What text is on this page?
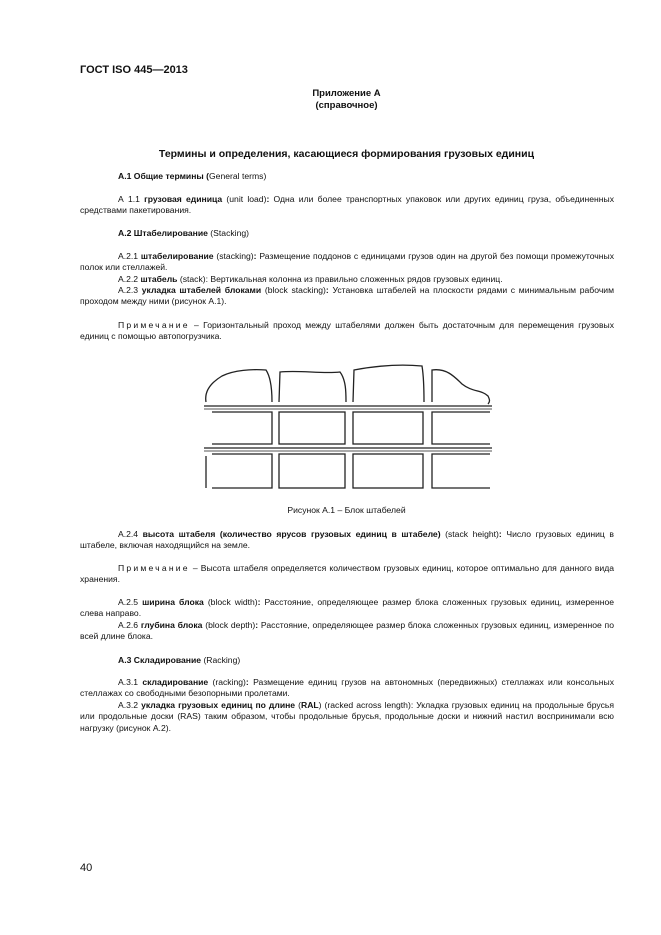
ГОСТ ISO 445—2013
Приложение А
(справочное)
Термины и определения, касающиеся формирования грузовых единиц
А.1 Общие термины (General terms)
А 1.1 грузовая единица (unit load): Одна или более транспортных упаковок или других единиц груза, объединенных средствами пакетирования.
А.2 Штабелирование (Stacking)
А.2.1 штабелирование (stacking): Размещение поддонов с единицами грузов один на другой без помощи промежуточных полок или стеллажей.
А.2.2 штабель (stack): Вертикальная колонна из правильно сложенных рядов грузовых единиц.
А.2.3 укладка штабелей блоками (block stacking): Установка штабелей на плоскости рядами с минимальным рабочим проходом между ними (рисунок А.1).
Примечание – Горизонтальный проход между штабелями должен быть достаточным для перемещения грузовых единиц с помощью автопогрузчика.
Рисунок А.1 – Блок штабелей
А.2.4 высота штабеля (количество ярусов грузовых единиц в штабеле) (stack height): Число грузовых единиц в штабеле, включая находящийся на земле.
Примечание – Высота штабеля определяется количеством грузовых единиц, которое оптимально для данного вида хранения.
А.2.5 ширина блока (block width): Расстояние, определяющее размер блока сложенных грузовых единиц, измеренное слева направо.
А.2.6 глубина блока (block depth): Расстояние, определяющее размер блока сложенных грузовых единиц, измеренное по всей длине блока.
А.3 Складирование (Racking)
А.3.1 складирование (racking): Размещение единиц грузов на автономных (передвижных) стеллажах или консольных стеллажах со свободными безопорными пролетами.
А.3.2 укладка грузовых единиц по длине (RAL) (racked across length): Укладка грузовых единиц на продольные брусья или продольные доски (RAS) таким образом, чтобы продольные брусья, продольные доски и нижний настил воспринимали всю нагрузку (рисунок А.2).
40
